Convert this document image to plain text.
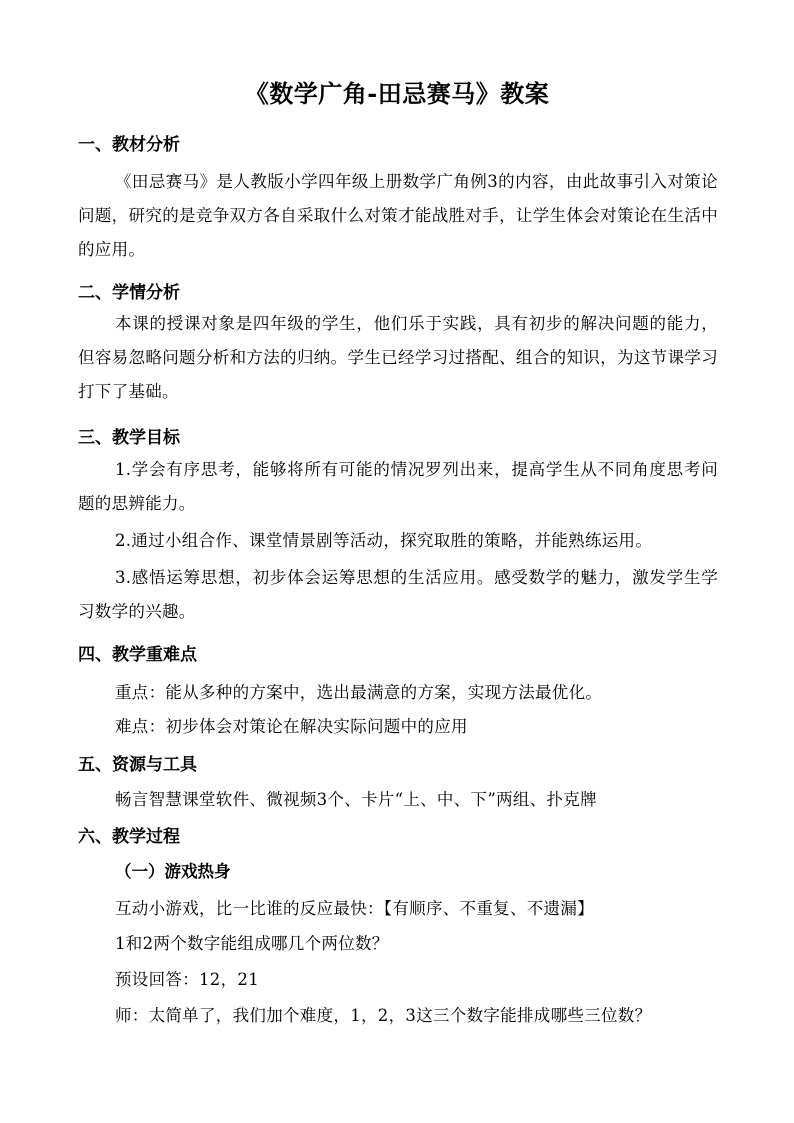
《数学广角-田忌赛马》教案
一、教材分析
《田忌赛马》是人教版小学四年级上册数学广角例3的内容，由此故事引入对策论问题，研究的是竞争双方各自采取什么对策才能战胜对手，让学生体会对策论在生活中的应用。
二、学情分析
本课的授课对象是四年级的学生，他们乐于实践，具有初步的解决问题的能力，但容易忽略问题分析和方法的归纳。学生已经学习过搭配、组合的知识，为这节课学习打下了基础。
三、教学目标
1.学会有序思考，能够将所有可能的情况罗列出来，提高学生从不同角度思考问题的思辨能力。
2.通过小组合作、课堂情景剧等活动，探究取胜的策略，并能熟练运用。
3.感悟运筹思想，初步体会运筹思想的生活应用。感受数学的魅力，激发学生学习数学的兴趣。
四、教学重难点
重点：能从多种的方案中，选出最满意的方案，实现方法最优化。
难点：初步体会对策论在解决实际问题中的应用
五、资源与工具
畅言智慧课堂软件、微视频3个、卡片“上、中、下”两组、扑克牌
六、教学过程
（一）游戏热身
互动小游戏，比一比谁的反应最快：【有顺序、不重复、不遗漏】
1和2两个数字能组成哪几个两位数？
预设回答：12，21
师：太简单了，我们加个难度，1，2，3这三个数字能排成哪些三位数？
